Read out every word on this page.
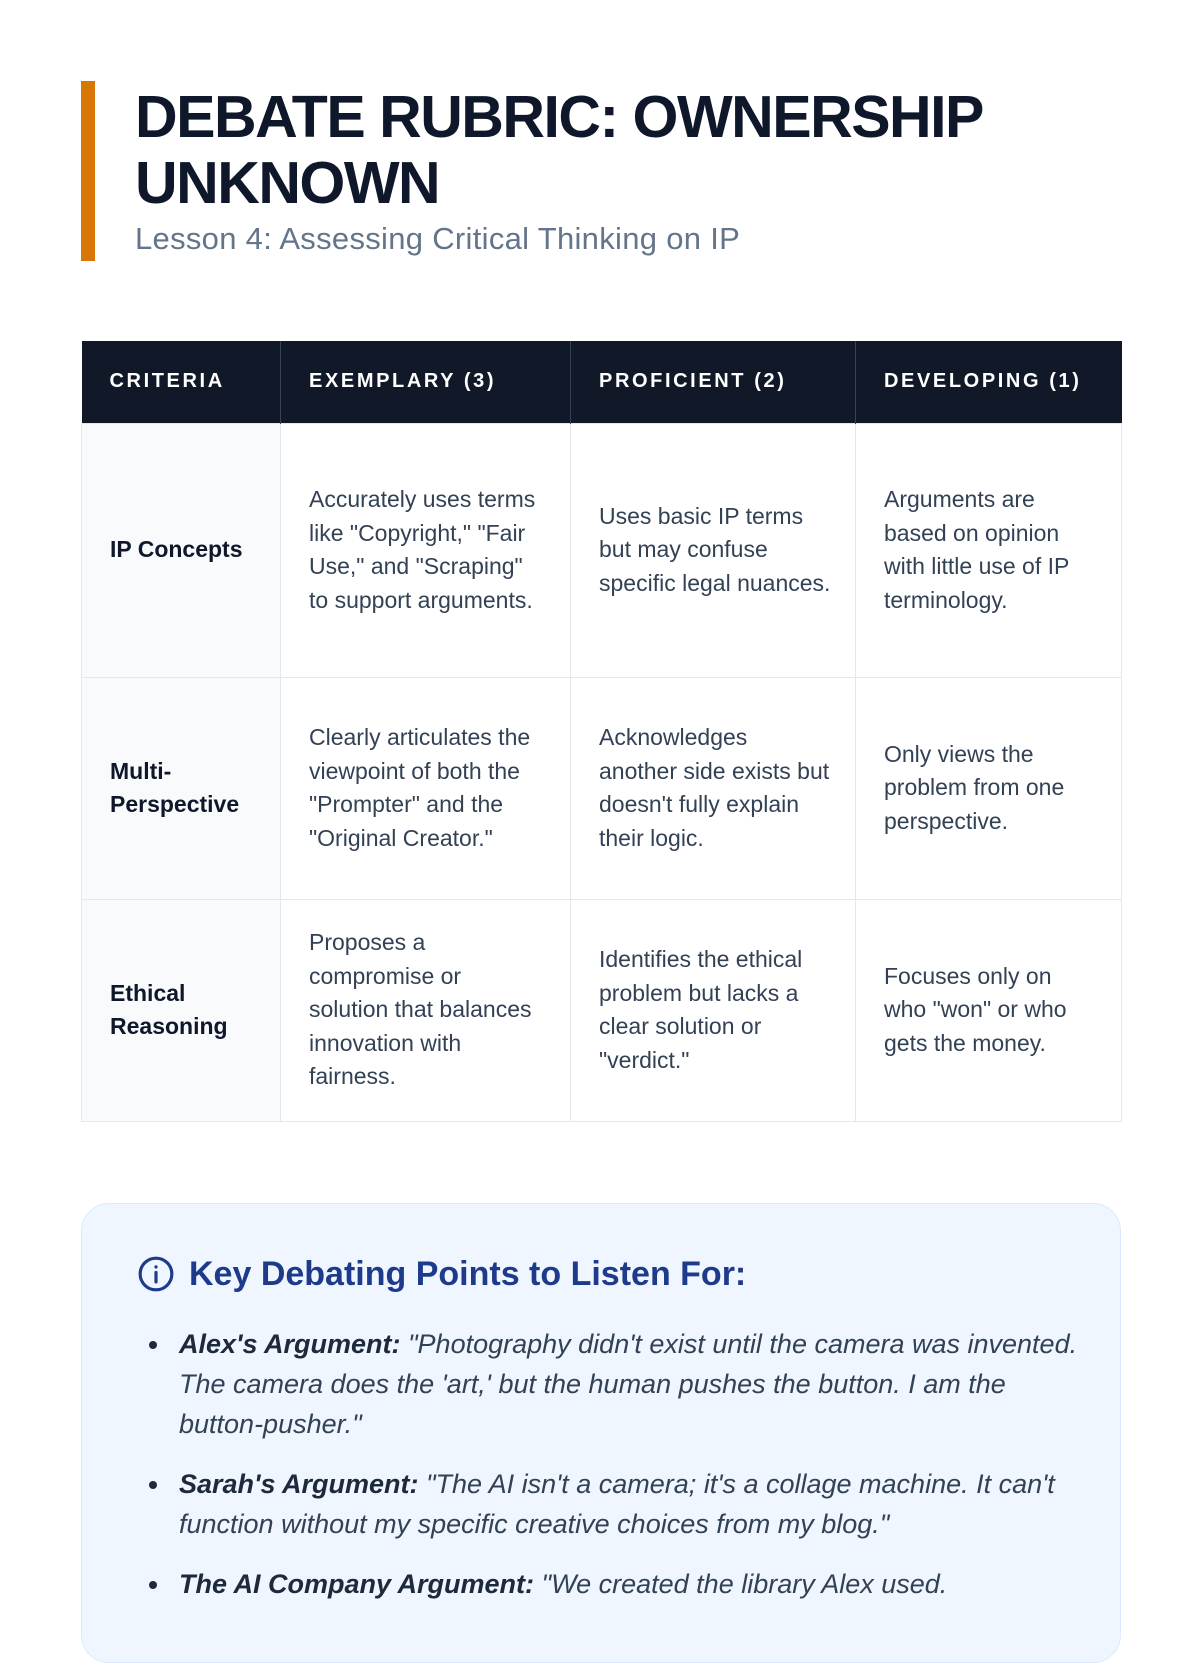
DEBATE RUBRIC: OWNERSHIP UNKNOWN
Lesson 4: Assessing Critical Thinking on IP
CRITERIA	EXEMPLARY (3)	PROFICIENT (2)	DEVELOPING (1)
IP Concepts	Accurately uses terms like "Copyright," "Fair Use," and "Scraping" to support arguments.	Uses basic IP terms but may confuse specific legal nuances.	Arguments are based on opinion with little use of IP terminology.
Multi-Perspective	Clearly articulates the viewpoint of both the "Prompter" and the "Original Creator."	Acknowledges another side exists but doesn't fully explain their logic.	Only views the problem from one perspective.
Ethical Reasoning	Proposes a compromise or solution that balances innovation with fairness.	Identifies the ethical problem but lacks a clear solution or "verdict."	Focuses only on who "won" or who gets the money.
Key Debating Points to Listen For:
Alex's Argument: "Photography didn't exist until the camera was invented. The camera does the 'art,' but the human pushes the button. I am the button-pusher."
Sarah's Argument: "The AI isn't a camera; it's a collage machine. It can't function without my specific creative choices from my blog."
The AI Company Argument: "We created the library Alex used.
